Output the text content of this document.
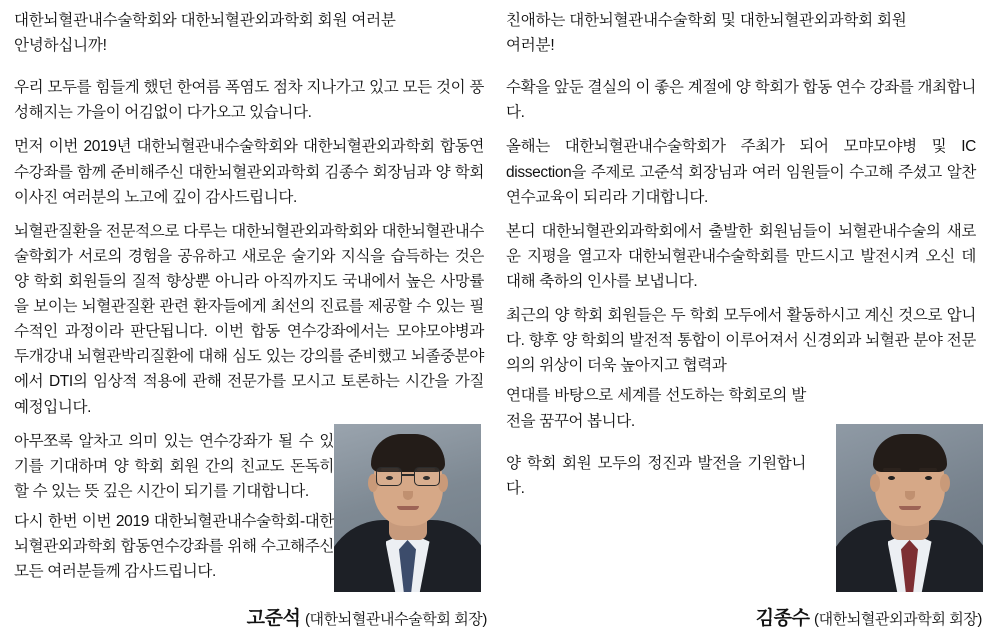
대한뇌혈관내수술학회와 대한뇌혈관외과학회 회원 여러분

안녕하십니까!

우리 모두를 힘들게 했던 한여름 폭염도 점차 지나가고 있고 모든 것이 풍성해지는 가을이 어김없이 다가오고 있습니다.

먼저 이번 2019년 대한뇌혈관내수술학회와 대한뇌혈관외과학회 합동연수강좌를 함께 준비해주신 대한뇌혈관외과학회 김종수 회장님과 양 학회 이사진 여러분의 노고에 깊이 감사드립니다.

뇌혈관질환을 전문적으로 다루는 대한뇌혈관외과학회와 대한뇌혈관내수술학회가 서로의 경험을 공유하고 새로운 술기와 지식을 습득하는 것은 양 학회 회원들의 질적 향상뿐 아니라 아직까지도 국내에서 높은 사망률을 보이는 뇌혈관질환 관련 환자들에게 최선의 진료를 제공할 수 있는 필수적인 과정이라 판단됩니다. 이번 합동 연수강좌에서는 모야모야병과 두개강내 뇌혈관박리질환에 대해 심도 있는 강의를 준비했고 뇌졸중분야에서 DTI의 임상적 적용에 관해 전문가를 모시고 토론하는 시간을 가질 예정입니다.

아무쪼록 알차고 의미 있는 연수강좌가 될 수 있기를 기대하며 양 학회 회원 간의 친교도 돈독히 할 수 있는 뜻 깊은 시간이 되기를 기대합니다.

다시 한번 이번 2019 대한뇌혈관내수술학회-대한뇌혈관외과학회 합동연수강좌를 위해 수고해주신 모든 여러분들께 감사드립니다.

친애하는 대한뇌혈관내수술학회 및 대한뇌혈관외과학회 회원

여러분!

수확을 앞둔 결실의 이 좋은 계절에 양 학회가 합동 연수 강좌를 개최합니다.

올해는 대한뇌혈관내수술학회가 주최가 되어 모먀모야병 및 IC dissection을 주제로 고준석 회장님과 여러 임원들이 수고해 주셨고 알찬 연수교육이 되리라 기대합니다.

본디 대한뇌혈관외과학회에서 출발한 회원님들이 뇌혈관내수술의 새로운 지평을 열고자 대한뇌혈관내수술학회를 만드시고 발전시켜 오신 데 대해 축하의 인사를 보냅니다.

최근의 양 학회 회원들은 두 학회 모두에서 활동하시고 계신 것으로 압니다. 향후 양 학회의 발전적 통합이 이루어져서 신경외과 뇌혈관 분야 전문의의 위상이 더욱 높아지고 협력과

연대를 바탕으로 세계를 선도하는 학회로의 발전을 꿈꾸어 봅니다.

양 학회 회원 모두의 정진과 발전을 기원합니다.

고준석 (대한뇌혈관내수술학회 회장)	김종수 (대한뇌혈관외과학회 회장)
